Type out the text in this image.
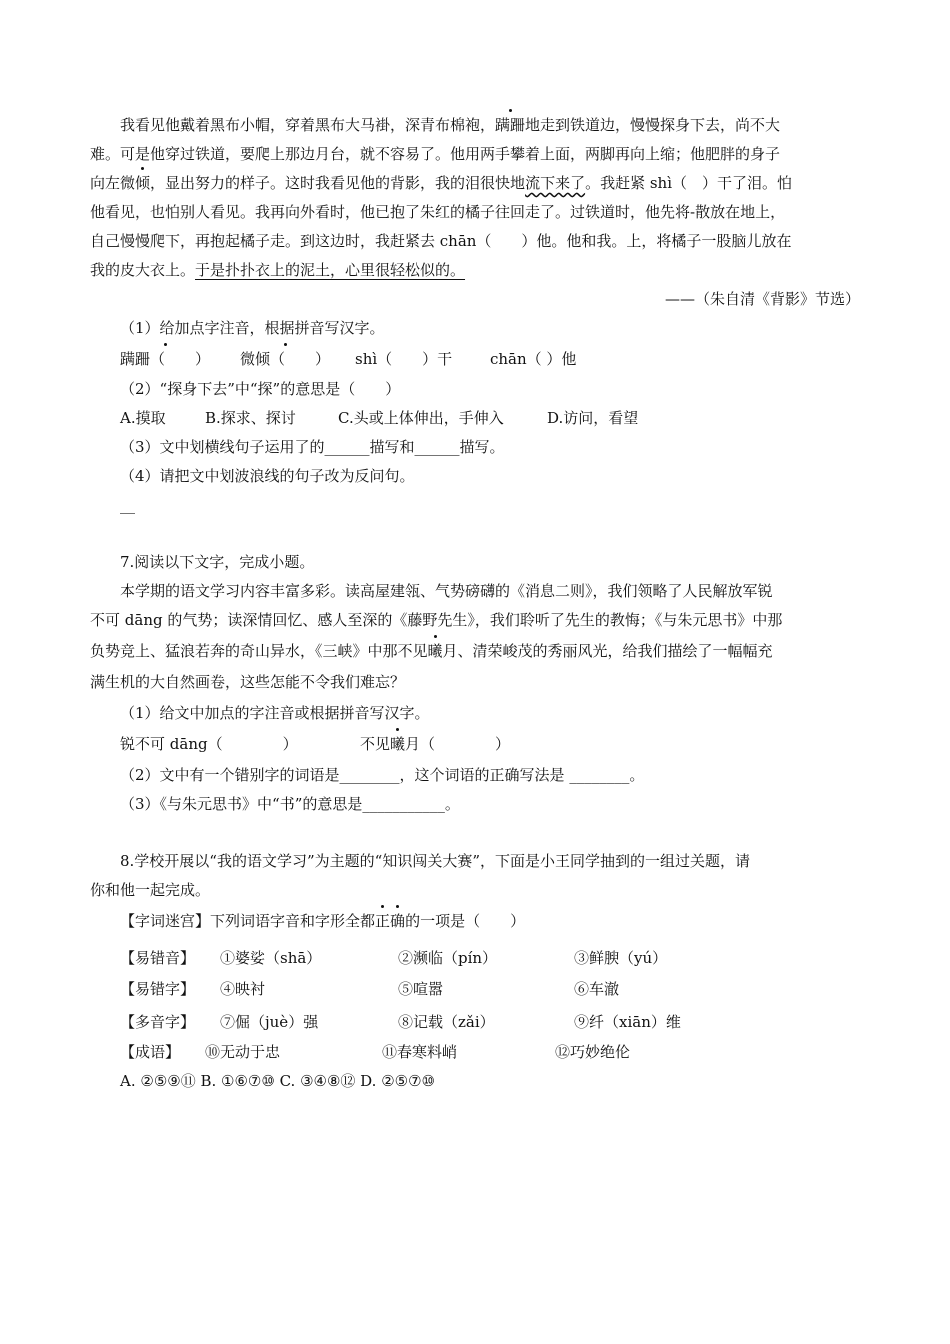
我看见他戴着黑布小帽，穿着黑布大马褂，深青布棉袍，蹒跚地走到铁道边，慢慢探身下去，尚不大
难。可是他穿过铁道，要爬上那边月台，就不容易了。他用两手攀着上面，两脚再向上缩；他肥胖的身子
向左微倾，显出努力的样子。这时我看见他的背影，我的泪很快地流下来了。我赶紧 shì（　）干了泪。怕
他看见，也怕别人看见。我再向外看时，他已抱了朱红的橘子往回走了。过铁道时，他先将-散放在地上，
自己慢慢爬下，再抱起橘子走。到这边时，我赶紧去 chān（　　）他。他和我。上，将橘子一股脑儿放在
我的皮大衣上。于是扑扑衣上的泥土，心里很轻松似的。
——（朱自清《背影》节选）
（1）给加点字注音，根据拼音写汉字。
蹒跚（　　） 微倾（　　） shì（　　）干	chān（ ）他
（2）“探身下去”中“探”的意思是（　　）
A.摸取	B.探求、探讨	C.头或上体伸出，手伸入	D.访问，看望
（3）文中划横线句子运用了的______描写和______描写。
（4）请把文中划波浪线的句子改为反问句。
__
7.阅读以下文字，完成小题。
本学期的语文学习内容丰富多彩。读高屋建瓴、气势磅礴的《消息二则》，我们领略了人民解放军锐
不可 dāng 的气势；读深情回忆、感人至深的《藤野先生》，我们聆听了先生的教悔；《与朱元思书》中那
负势竞上、猛浪若奔的奇山异水，《三峡》中那不见曦月、清荣峻茂的秀丽风光，给我们描绘了一幅幅充
满生机的大自然画卷，这些怎能不令我们难忘？
（1）给文中加点的字注音或根据拼音写汉字。
锐不可 dāng（　　　　）	不见曦月（　　　　）
（2）文中有一个错别字的词语是________，这个词语的正确写法是 ________。
（3）《与朱元思书》中“书”的意思是___________。
8.学校开展以“我的语文学习”为主题的“知识闯关大赛”，下面是小王同学抽到的一组过关题，请
你和他一起完成。
【字词迷宫】下列词语字音和字形全都正确的一项是（　　）
【易错音】 ①婆娑（shā）	②濒临（pín）	③鲜腴（yú）
【易错字】 ④映衬	⑤喧嚣	⑥车澈
【多音字】 ⑦倔（juè）强	⑧记载（zǎi）	⑨纤（xiān）维
【成语】 ⑩无动于忠	⑪春寒料峭	⑫巧妙绝伦
A. ②⑤⑨⑪ B. ①⑥⑦⑩ C. ③④⑧⑫ D. ②⑤⑦⑩
